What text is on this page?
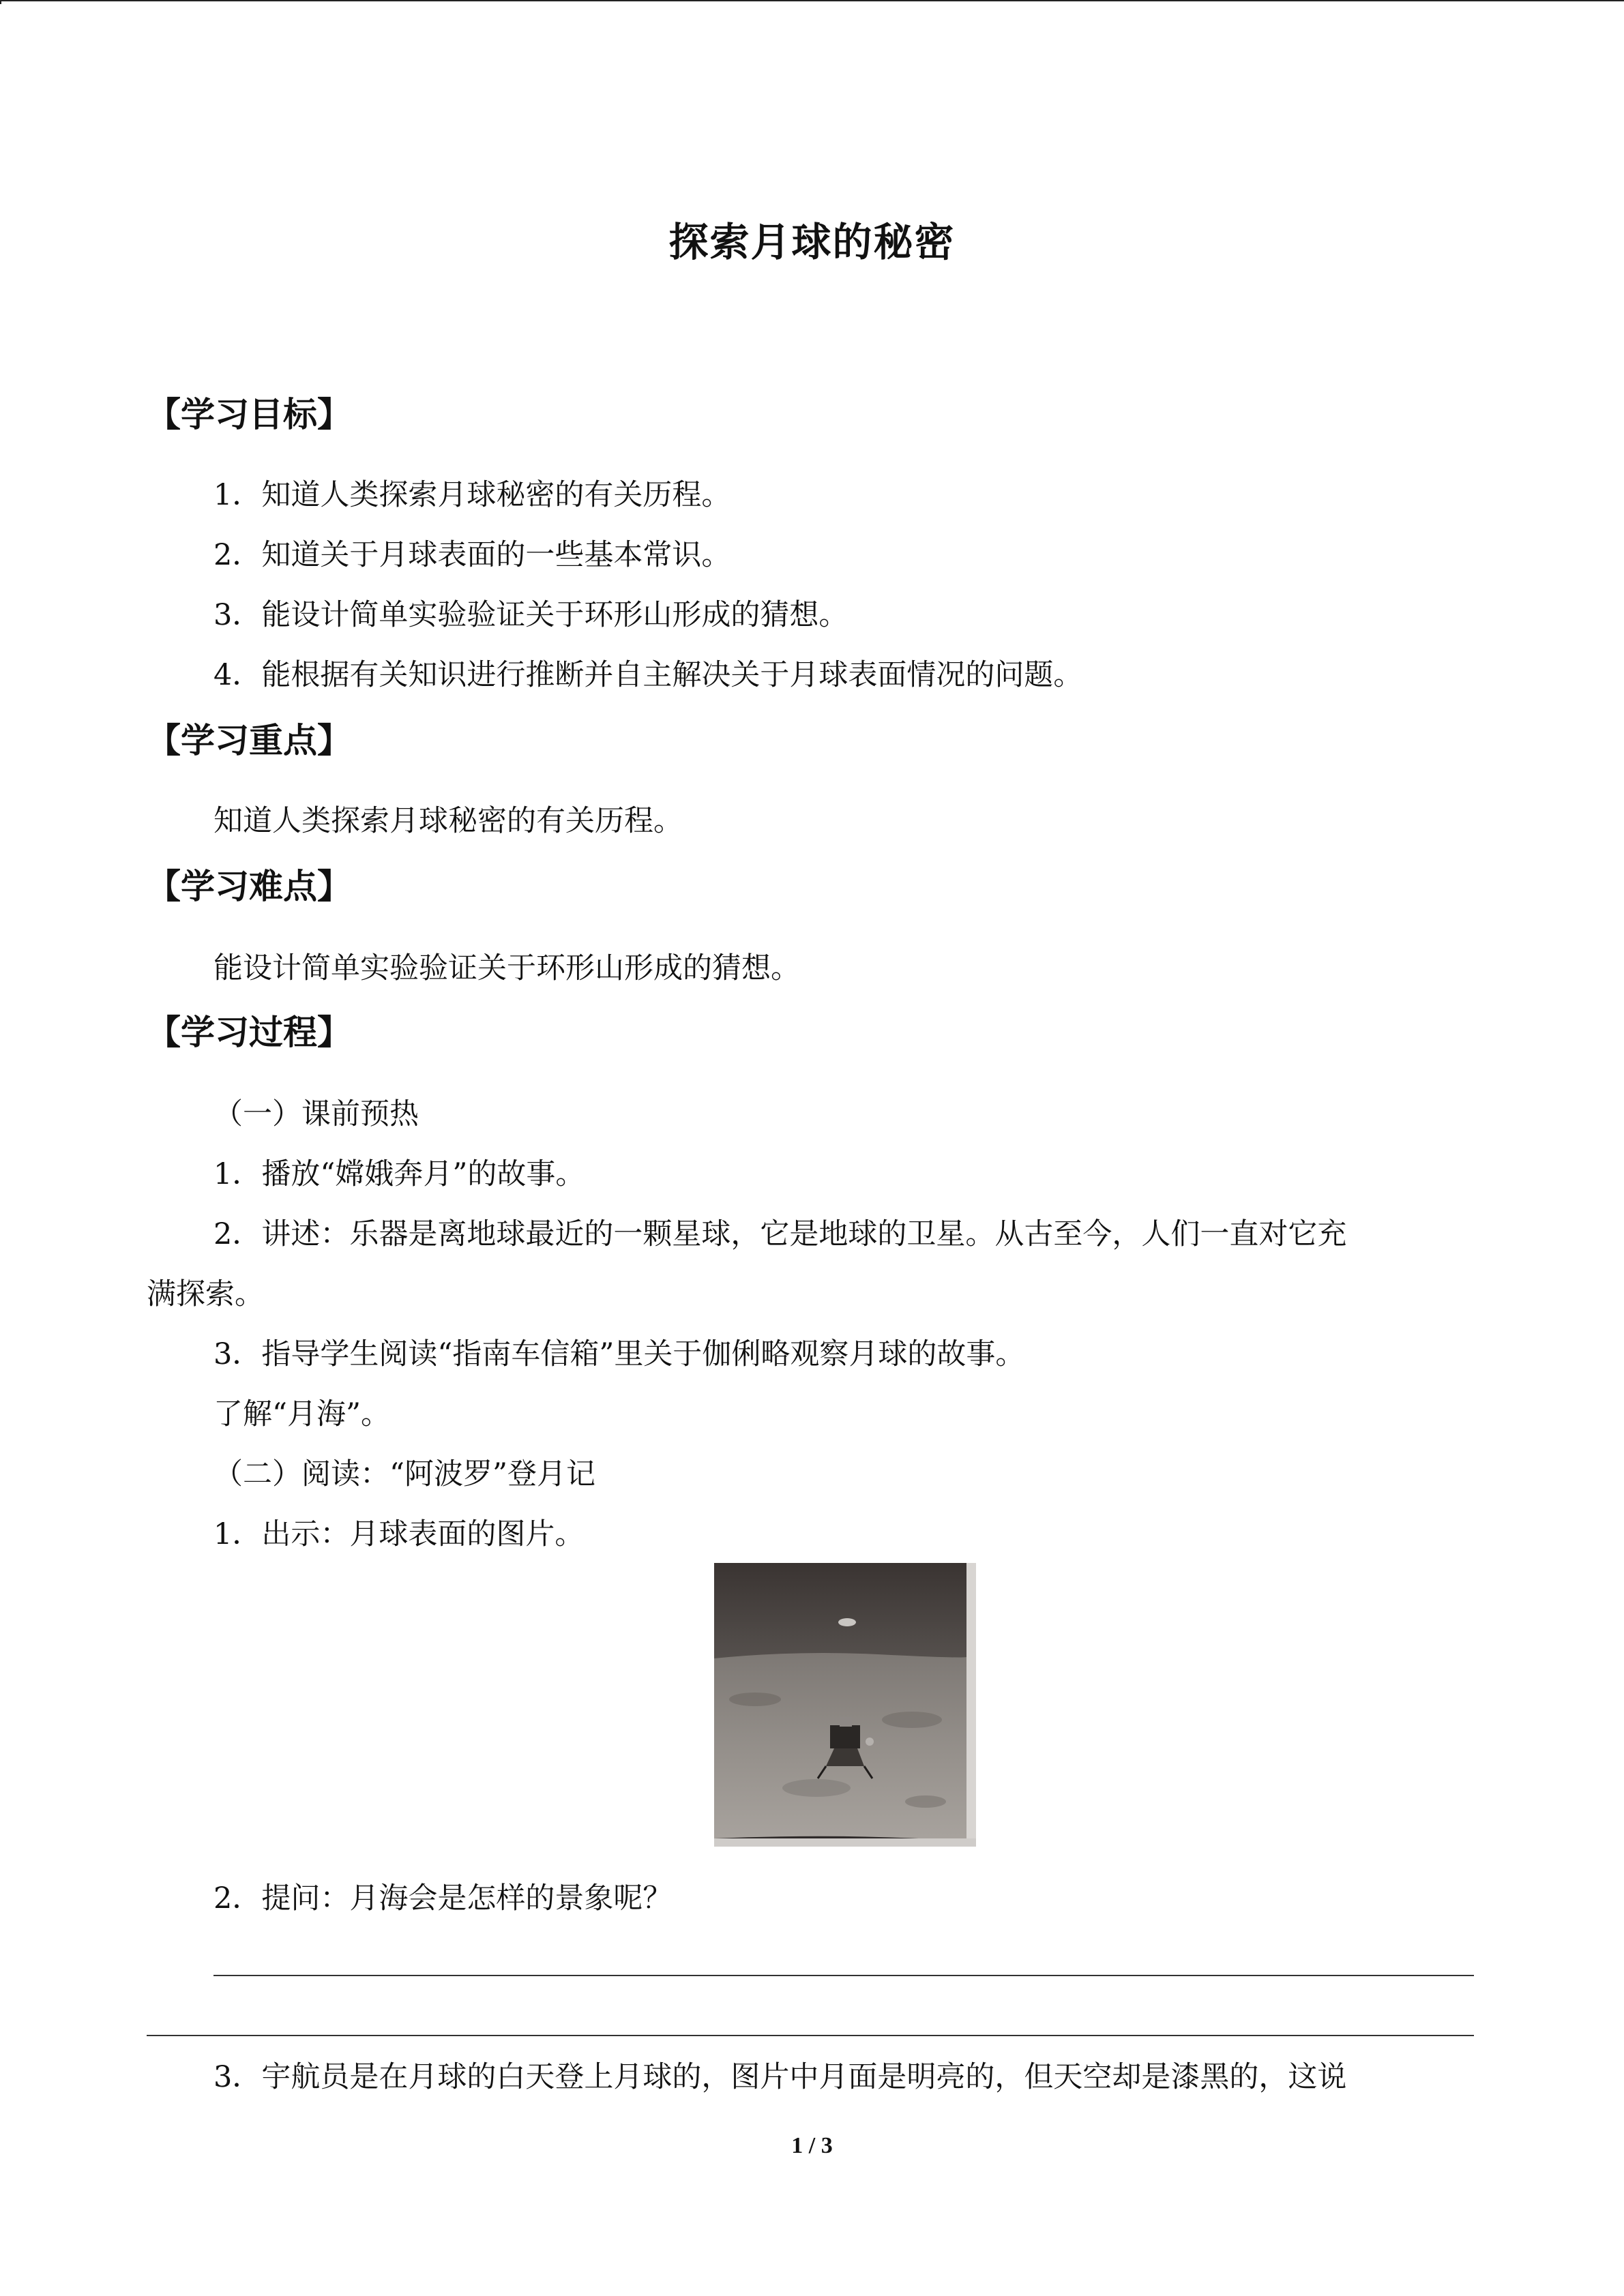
探索月球的秘密
【学习目标】
1．知道人类探索月球秘密的有关历程。
2．知道关于月球表面的一些基本常识。
3．能设计简单实验验证关于环形山形成的猜想。
4．能根据有关知识进行推断并自主解决关于月球表面情况的问题。
【学习重点】
知道人类探索月球秘密的有关历程。
【学习难点】
能设计简单实验验证关于环形山形成的猜想。
【学习过程】
（一）课前预热
1．播放“嫦娥奔月”的故事。
2．讲述：乐器是离地球最近的一颗星球，它是地球的卫星。从古至今，人们一直对它充
满探索。
3．指导学生阅读“指南车信箱”里关于伽俐略观察月球的故事。
了解“月海”。
（二）阅读：“阿波罗”登月记
1．出示：月球表面的图片。
2．提问：月海会是怎样的景象呢？
3．宇航员是在月球的白天登上月球的，图片中月面是明亮的，但天空却是漆黑的，这说
1 / 3
